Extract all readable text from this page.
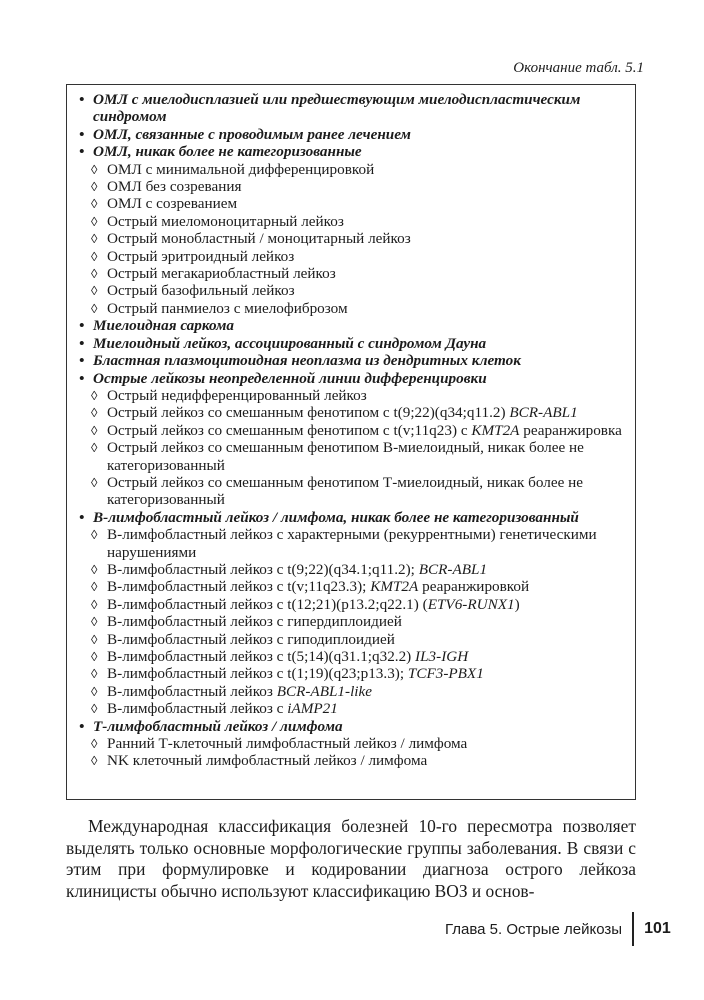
Окончание табл. 5.1
• ОМЛ с миелодисплазией или предшествующим миелодиспластическим синдромом
• ОМЛ, связанные с проводимым ранее лечением
• ОМЛ, никак более не категоризованные
◊ ОМЛ с минимальной дифференцировкой
◊ ОМЛ без созревания
◊ ОМЛ с созреванием
◊ Острый миеломоноцитарный лейкоз
◊ Острый монобластный / моноцитарный лейкоз
◊ Острый эритроидный лейкоз
◊ Острый мегакариобластный лейкоз
◊ Острый базофильный лейкоз
◊ Острый панмиелоз с миелофиброзом
• Миелоидная саркома
• Миелоидный лейкоз, ассоциированный с синдромом Дауна
• Бластная плазмоцитоидная неоплазма из дендритных клеток
• Острые лейкозы неопределенной линии дифференцировки
◊ Острый недифференцированный лейкоз
◊ Острый лейкоз со смешанным фенотипом с t(9;22)(q34;q11.2) BCR-ABL1
◊ Острый лейкоз со смешанным фенотипом с t(v;11q23) с KMT2A реаранжировка
◊ Острый лейкоз со смешанным фенотипом В-миелоидный, никак более не категоризованный
◊ Острый лейкоз со смешанным фенотипом Т-миелоидный, никак более не категоризованный
• В-лимфобластный лейкоз / лимфома, никак более не категоризованный
◊ В-лимфобластный лейкоз с характерными (рекуррентными) генетическими нарушениями
◊ В-лимфобластный лейкоз с t(9;22)(q34.1;q11.2); BCR-ABL1
◊ В-лимфобластный лейкоз с t(v;11q23.3); KMT2A реаранжировкой
◊ В-лимфобластный лейкоз с t(12;21)(p13.2;q22.1) (ETV6-RUNX1)
◊ В-лимфобластный лейкоз с гипердиплоидией
◊ В-лимфобластный лейкоз с гиподиплоидией
◊ В-лимфобластный лейкоз с t(5;14)(q31.1;q32.2) IL3-IGH
◊ В-лимфобластный лейкоз с t(1;19)(q23;p13.3); TCF3-PBX1
◊ В-лимфобластный лейкоз BCR-ABL1-like
◊ В-лимфобластный лейкоз с iAMP21
• Т-лимфобластный лейкоз / лимфома
◊ Ранний Т-клеточный лимфобластный лейкоз / лимфома
◊ NK клеточный лимфобластный лейкоз / лимфома

Международная классификация болезней 10-го пересмотра позволяет выделять только основные морфологические группы заболевания. В связи с этим при формулировке и кодировании диагноза острого лейкоза клиницисты обычно используют классификацию ВОЗ и основ-

Глава 5. Острые лейкозы 101
